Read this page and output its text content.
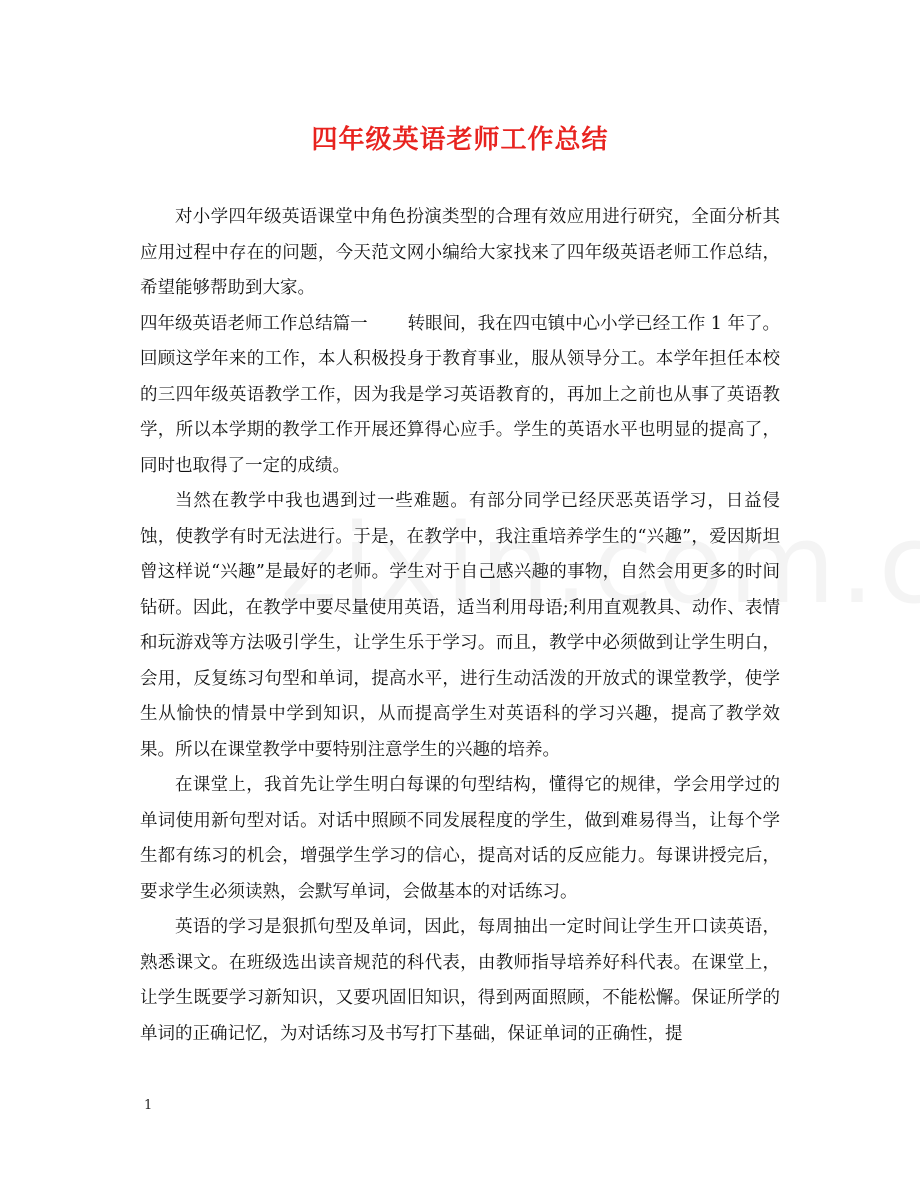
四年级英语老师工作总结

对小学四年级英语课堂中角色扮演类型的合理有效应用进行研究，全面分析其应用过程中存在的问题，今天范文网小编给大家找来了四年级英语老师工作总结，希望能够帮助到大家。

四年级英语老师工作总结篇一 转眼间，我在四屯镇中心小学已经工作 1 年了。回顾这学年来的工作，本人积极投身于教育事业，服从领导分工。本学年担任本校的三四年级英语教学工作，因为我是学习英语教育的，再加上之前也从事了英语教学，所以本学期的教学工作开展还算得心应手。学生的英语水平也明显的提高了，同时也取得了一定的成绩。

当然在教学中我也遇到过一些难题。有部分同学已经厌恶英语学习，日益侵蚀，使教学有时无法进行。于是，在教学中，我注重培养学生的“兴趣”，爱因斯坦曾这样说“兴趣”是最好的老师。学生对于自己感兴趣的事物，自然会用更多的时间钻研。因此，在教学中要尽量使用英语，适当利用母语;利用直观教具、动作、表情和玩游戏等方法吸引学生，让学生乐于学习。而且，教学中必须做到让学生明白，会用，反复练习句型和单词，提高水平，进行生动活泼的开放式的课堂教学，使学生从愉快的情景中学到知识，从而提高学生对英语科的学习兴趣，提高了教学效果。所以在课堂教学中要特别注意学生的兴趣的培养。

在课堂上，我首先让学生明白每课的句型结构，懂得它的规律，学会用学过的单词使用新句型对话。对话中照顾不同发展程度的学生，做到难易得当，让每个学生都有练习的机会，增强学生学习的信心，提高对话的反应能力。每课讲授完后，要求学生必须读熟，会默写单词，会做基本的对话练习。

英语的学习是狠抓句型及单词，因此，每周抽出一定时间让学生开口读英语，熟悉课文。在班级选出读音规范的科代表，由教师指导培养好科代表。在课堂上，让学生既要学习新知识，又要巩固旧知识，得到两面照顾，不能松懈。保证所学的单词的正确记忆，为对话练习及书写打下基础，保证单词的正确性，提

1
